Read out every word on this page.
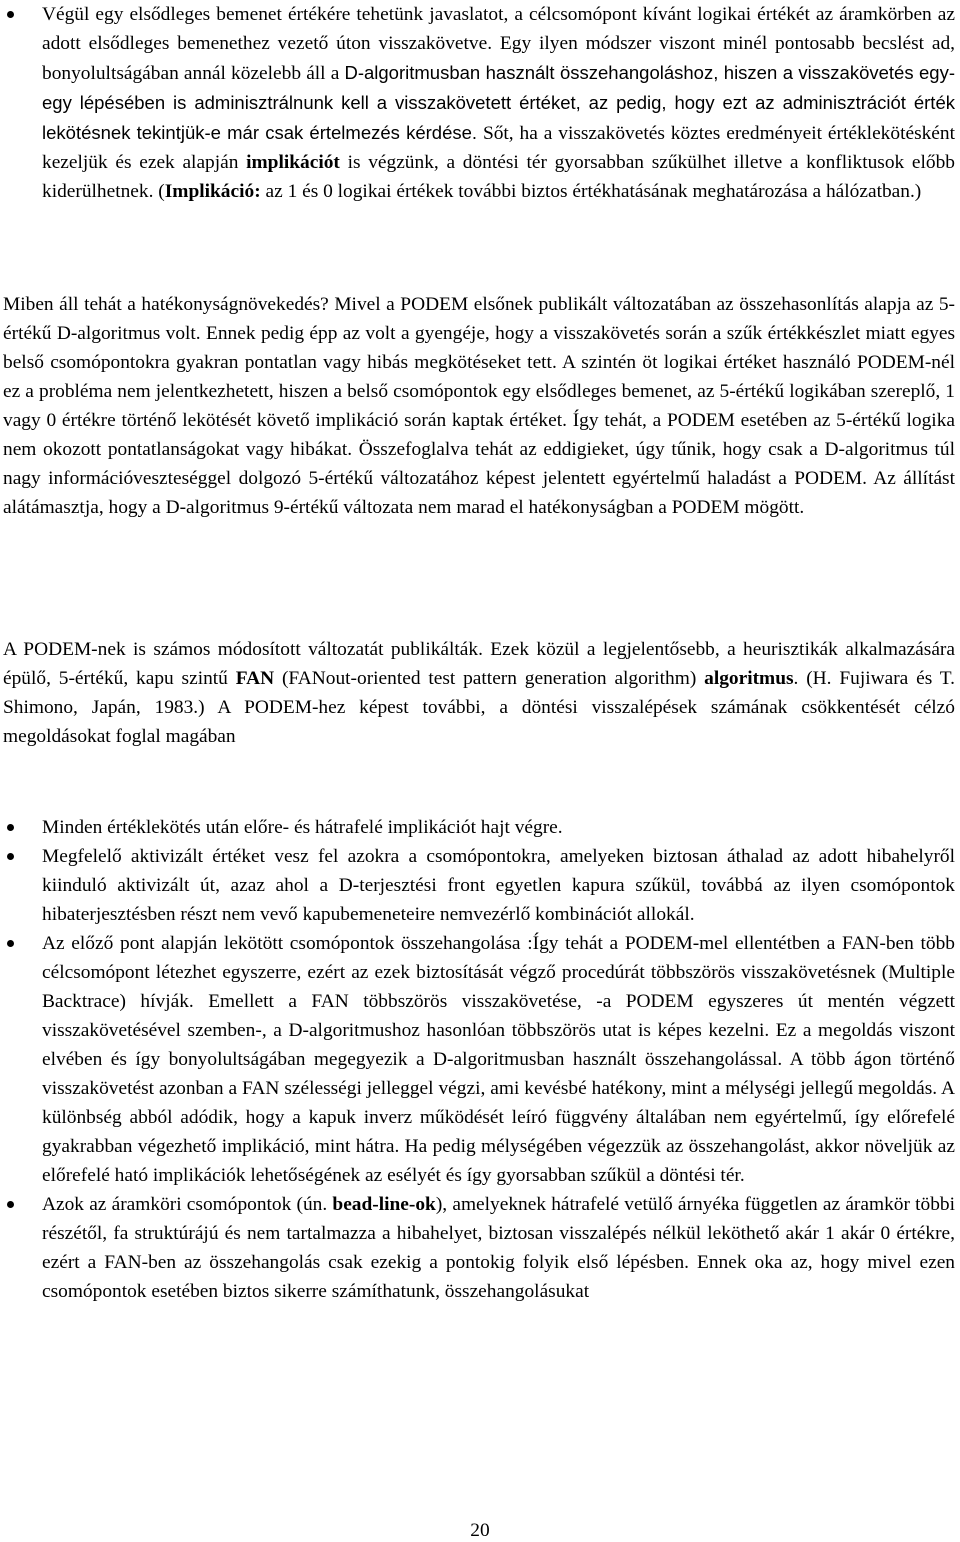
Végül egy elsődleges bemenet értékére tehetünk javaslatot, a célcsomópont kívánt logikai értékét az áramkörben az adott elsődleges bemenethez vezető úton visszakövetve. Egy ilyen módszer viszont minél pontosabb becslést ad, bonyolultságában annál közelebb áll a D-algoritmusban használt összehangoláshoz, hiszen a visszakövetés egy-egy lépésében is adminisztrálnunk kell a visszakövetett értéket, az pedig, hogy ezt az adminisztrációt érték lekötésnek tekintjük-e már csak értelmezés kérdése. Sőt, ha a visszakövetés köztes eredményeit értéklekötésként kezeljük és ezek alapján implikációt is végzünk, a döntési tér gyorsabban szűkülhet illetve a konfliktusok előbb kiderülhetnek. (Implikáció: az 1 és 0 logikai értékek további biztos értékhatásának meghatározása a hálózatban.)

Miben áll tehát a hatékonyságnövekedés? Mivel a PODEM elsőnek publikált változatában az összehasonlítás alapja az 5-értékű D-algoritmus volt. Ennek pedig épp az volt a gyengéje, hogy a visszakövetés során a szűk értékkészlet miatt egyes belső csomópontokra gyakran pontatlan vagy hibás megkötéseket tett. A szintén öt logikai értéket használó PODEM-nél ez a probléma nem jelentkezhetett, hiszen a belső csomópontok egy elsődleges bemenet, az 5-értékű logikában szereplő, 1 vagy 0 értékre történő lekötését követő implikáció során kaptak értéket. Így tehát, a PODEM esetében az 5-értékű logika nem okozott pontatlanságokat vagy hibákat. Összefoglalva tehát az eddigieket, úgy tűnik, hogy csak a D-algoritmus túl nagy információveszteséggel dolgozó 5-értékű változatához képest jelentett egyértelmű haladást a PODEM. Az állítást alátámasztja, hogy a D-algoritmus 9-értékű változata nem marad el hatékonyságban a PODEM mögött.

A PODEM-nek is számos módosított változatát publikálták. Ezek közül a legjelentősebb, a heurisztikák alkalmazására épülő, 5-értékű, kapu szintű FAN (FANout-oriented test pattern generation algorithm) algoritmus. (H. Fujiwara és T. Shimono, Japán, 1983.) A PODEM-hez képest további, a döntési visszalépések számának csökkentését célzó megoldásokat foglal magában

Minden értéklekötés után előre- és hátrafelé implikációt hajt végre.
Megfelelő aktivizált értéket vesz fel azokra a csomópontokra, amelyeken biztosan áthalad az adott hibahelyről kiinduló aktivizált út, azaz ahol a D-terjesztési front egyetlen kapura szűkül, továbbá az ilyen csomópontok hibaterjesztésben részt nem vevő kapubemeneteire nemvezérlő kombinációt allokál.
Az előző pont alapján lekötött csomópontok összehangolása :Így tehát a PODEM-mel ellentétben a FAN-ben több célcsomópont létezhet egyszerre, ezért az ezek biztosítását végző procedúrát többszörös visszakövetésnek (Multiple Backtrace) hívják. Emellett a FAN többszörös visszakövetése, -a PODEM egyszeres út mentén végzett visszakövetésével szemben-, a D-algoritmushoz hasonlóan többszörös utat is képes kezelni. Ez a megoldás viszont elvében és így bonyolultságában megegyezik a D-algoritmusban használt összehangolással. A több ágon történő visszakövetést azonban a FAN szélességi jelleggel végzi, ami kevésbé hatékony, mint a mélységi jellegű megoldás. A különbség abból adódik, hogy a kapuk inverz működését leíró függvény általában nem egyértelmű, így előrefelé gyakrabban végezhető implikáció, mint hátra. Ha pedig mélységében végezzük az összehangolást, akkor növeljük az előrefelé ható implikációk lehetőségének az esélyét és így gyorsabban szűkül a döntési tér.
Azok az áramköri csomópontok (ún. bead-line-ok), amelyeknek hátrafelé vetülő árnyéka független az áramkör többi részétől, fa struktúrájú és nem tartalmazza a hibahelyet, biztosan visszalépés nélkül leköthető akár 1 akár 0 értékre, ezért a FAN-ben az összehangolás csak ezekig a pontokig folyik első lépésben. Ennek oka az, hogy mivel ezen csomópontok esetében biztos sikerre számíthatunk, összehangolásukat
20
